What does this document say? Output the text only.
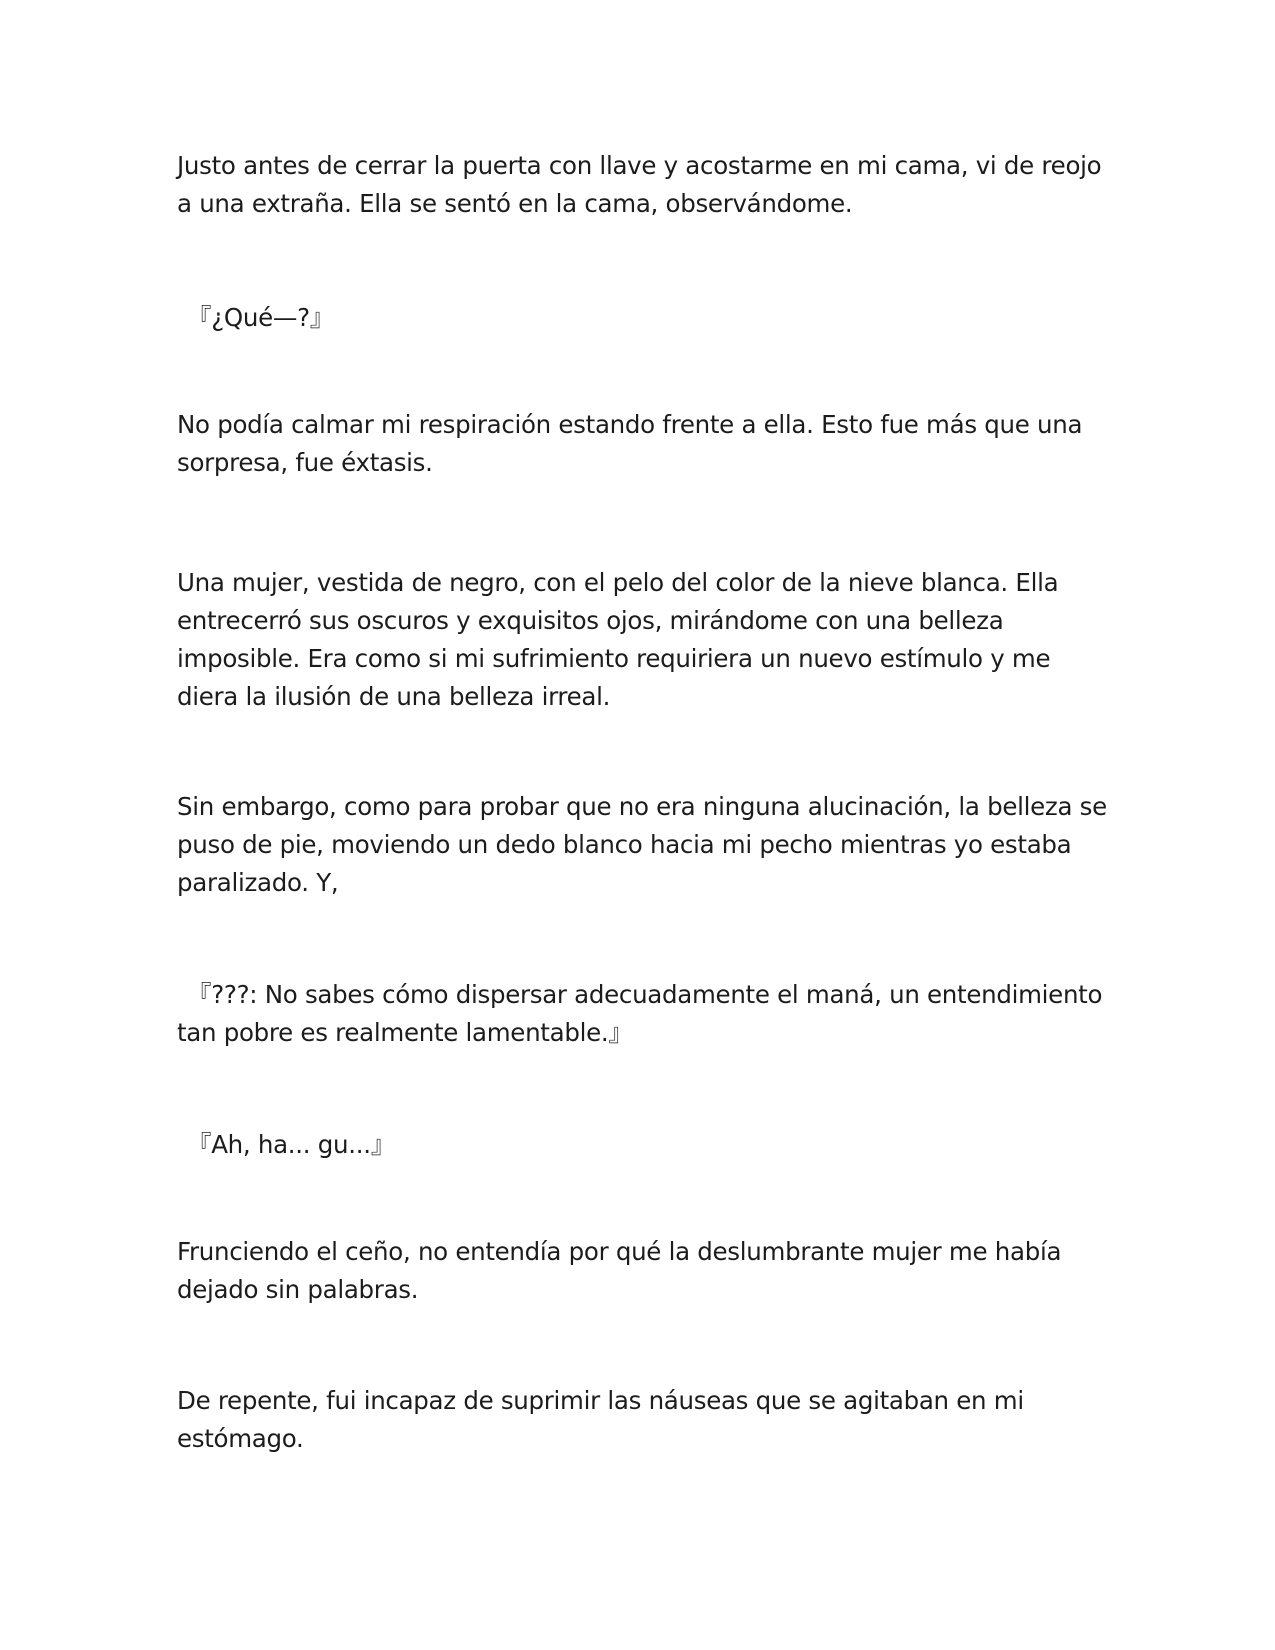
Justo antes de cerrar la puerta con llave y acostarme en mi cama, vi de reojo
a una extraña. Ella se sentó en la cama, observándome.

『¿Qué—?』

No podía calmar mi respiración estando frente a ella. Esto fue más que una
sorpresa, fue éxtasis.

Una mujer, vestida de negro, con el pelo del color de la nieve blanca. Ella
entrecerró sus oscuros y exquisitos ojos, mirándome con una belleza
imposible. Era como si mi sufrimiento requiriera un nuevo estímulo y me
diera la ilusión de una belleza irreal.

Sin embargo, como para probar que no era ninguna alucinación, la belleza se
puso de pie, moviendo un dedo blanco hacia mi pecho mientras yo estaba
paralizado. Y,

『???: No sabes cómo dispersar adecuadamente el maná, un entendimiento
tan pobre es realmente lamentable.』

『Ah, ha... gu...』

Frunciendo el ceño, no entendía por qué la deslumbrante mujer me había
dejado sin palabras.

De repente, fui incapaz de suprimir las náuseas que se agitaban en mi
estómago.
